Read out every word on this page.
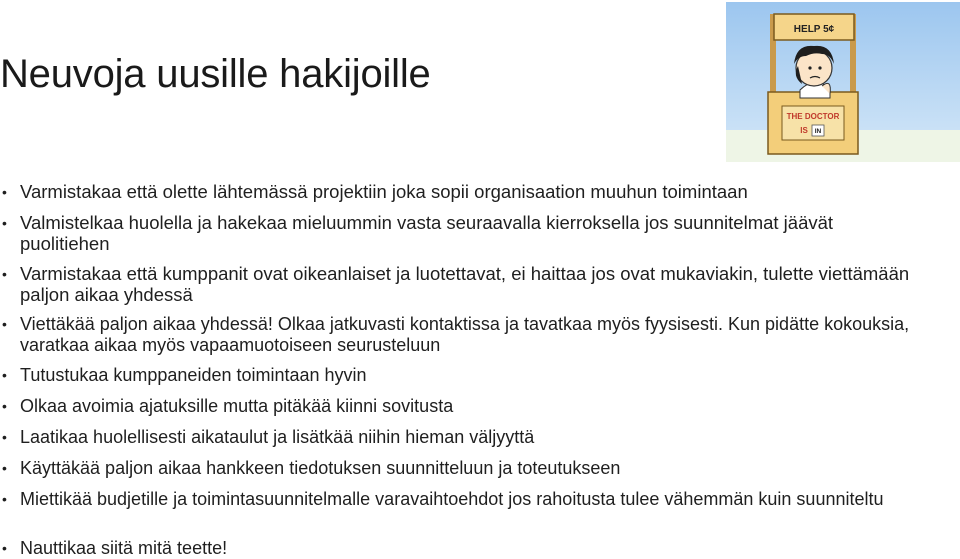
Neuvoja uusille hakijoille
• Varmistakaa että olette lähtemässä projektiin joka sopii organisaation muuhun toimintaan
• Valmistelkaa huolella ja hakekaa mieluummin vasta seuraavalla kierroksella jos suunnitelmat jäävät puolitiehen
• Varmistakaa että kumppanit ovat oikeanlaiset ja luotettavat, ei haittaa jos ovat mukaviakin, tulette viettämään paljon aikaa yhdessä
• Viettäkää paljon aikaa yhdessä! Olkaa jatkuvasti kontaktissa ja tavatkaa myös fyysisesti. Kun pidätte kokouksia, varatkaa aikaa myös vapaamuotoiseen seurusteluun
• Tutustukaa kumppaneiden toimintaan hyvin
• Olkaa avoimia ajatuksille mutta pitäkää kiinni sovitusta
• Laatikaa huolellisesti aikataulut ja lisätkää niihin hieman väljyyttä
• Käyttäkää paljon aikaa hankkeen tiedotuksen suunnitteluun ja toteutukseen
• Miettikää budjetille ja toimintasuunnitelmalle varavaihtoehdot jos rahoitusta tulee vähemmän kuin suunniteltu
• Nauttikaa siitä mitä teette!
HELP 5¢
THE DOCTOR
IS IN
